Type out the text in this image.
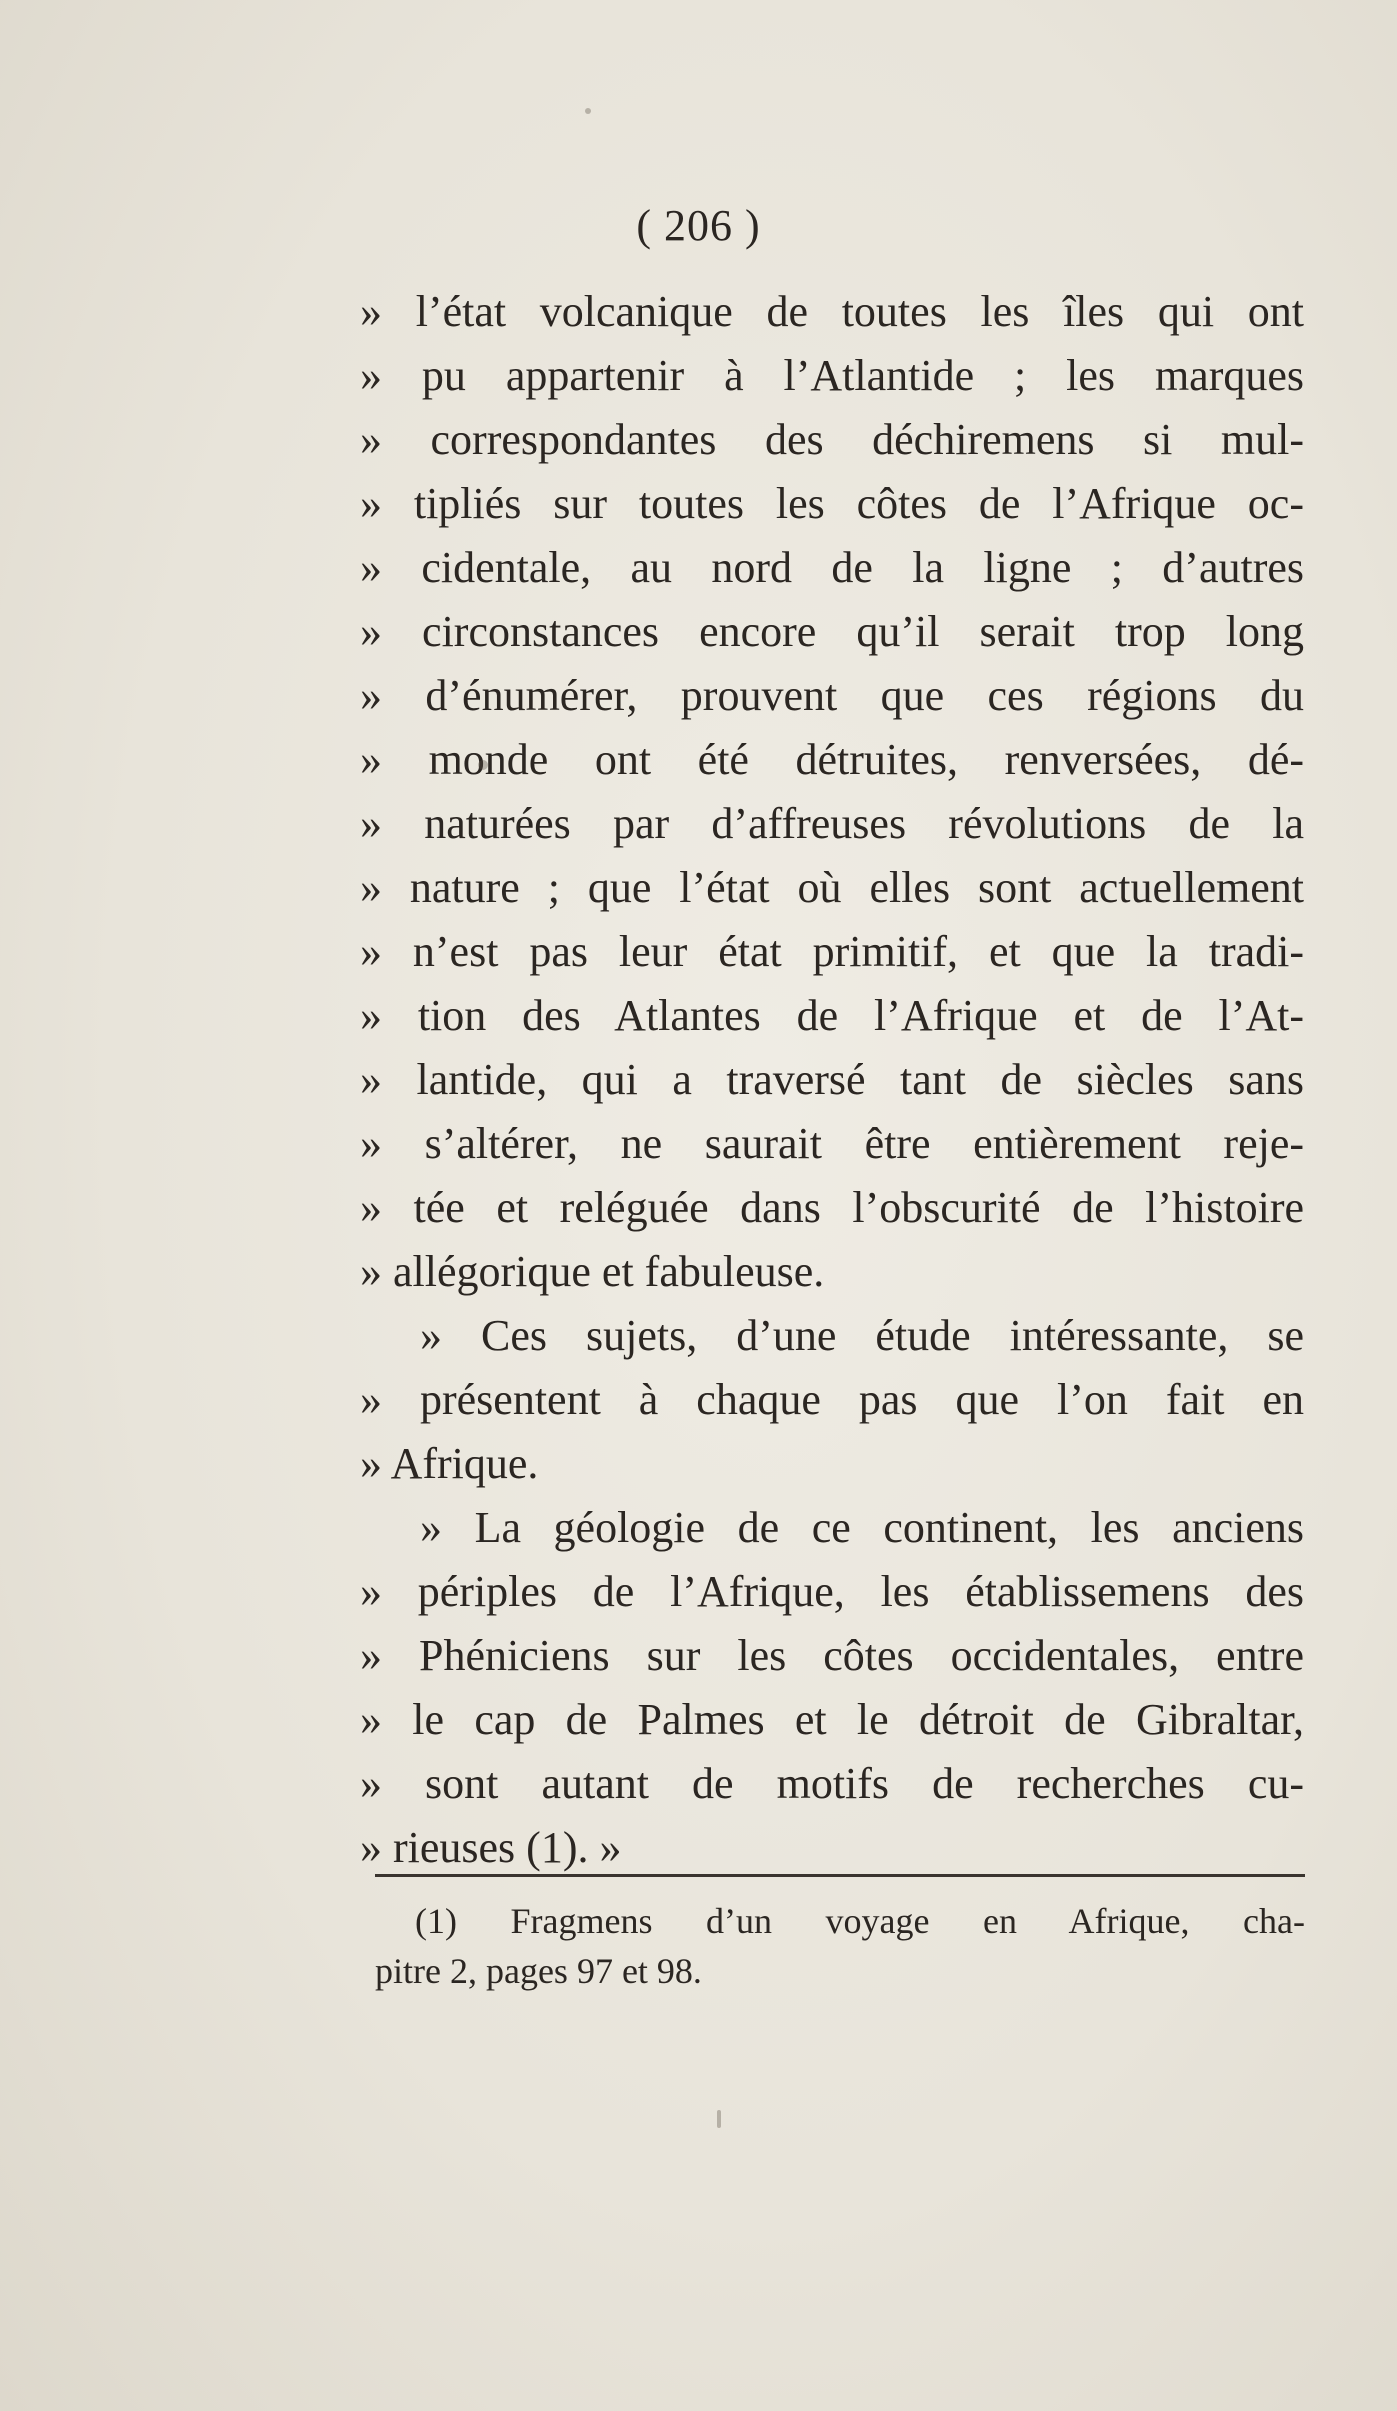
( 206 )
» l’état volcanique de toutes les îles qui ont
» pu appartenir à l’Atlantide ; les marques
» correspondantes des déchiremens si mul-
» tipliés sur toutes les côtes de l’Afrique oc-
» cidentale, au nord de la ligne ; d’autres
» circonstances encore qu’il serait trop long
» d’énumérer, prouvent que ces régions du
» monde ont été détruites, renversées, dé-
» naturées par d’affreuses révolutions de la
» nature ; que l’état où elles sont actuellement
» n’est pas leur état primitif, et que la tradi-
» tion des Atlantes de l’Afrique et de l’At-
» lantide, qui a traversé tant de siècles sans
» s’altérer, ne saurait être entièrement reje-
» tée et reléguée dans l’obscurité de l’histoire
» allégorique et fabuleuse.
» Ces sujets, d’une étude intéressante, se
» présentent à chaque pas que l’on fait en
» Afrique.
» La géologie de ce continent, les anciens
» périples de l’Afrique, les établissemens des
» Phéniciens sur les côtes occidentales, entre
» le cap de Palmes et le détroit de Gibraltar,
» sont autant de motifs de recherches cu-
» rieuses (1). »
(1) Fragmens d’un voyage en Afrique, cha-
pitre 2, pages 97 et 98.
